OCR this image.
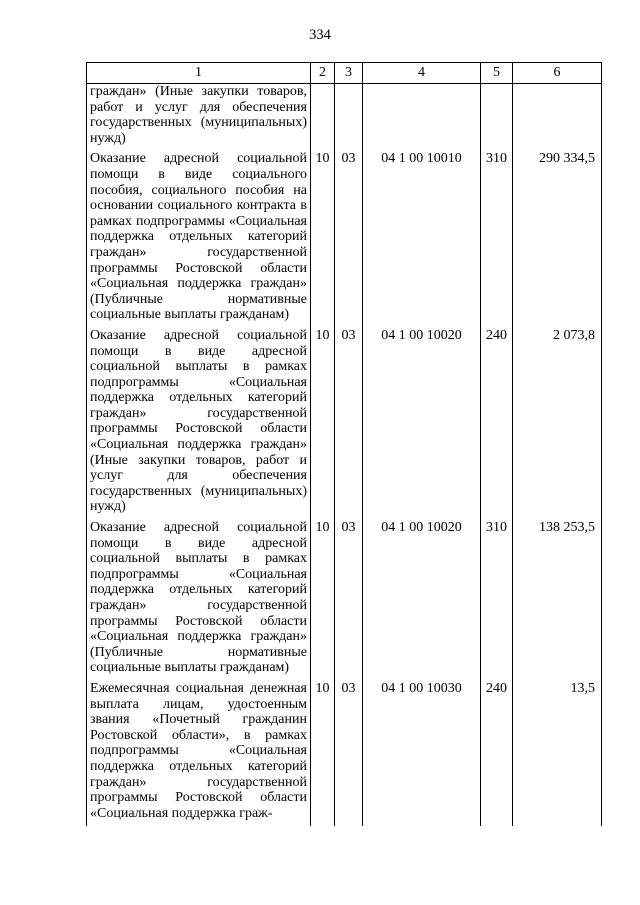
334
1	2	3	4	5	6
граждан» (Иные закупки товаров, работ и услуг для обеспечения государственных (муниципальных) нужд)					
Оказание адресной социальной помощи в виде социального пособия, социального пособия на основании социального контракта в рамках подпрограммы «Социальная поддержка отдельных категорий граждан» государственной программы Ростовской области «Социальная поддержка граждан» (Публичные нормативные социальные выплаты гражданам)	10	03	04 1 00 10010	310	290 334,5
Оказание адресной социальной помощи в виде адресной социальной выплаты в рамках подпрограммы «Социальная поддержка отдельных категорий граждан» государственной программы Ростовской области «Социальная поддержка граждан» (Иные закупки товаров, работ и услуг для обеспечения государственных (муниципальных) нужд)	10	03	04 1 00 10020	240	2 073,8
Оказание адресной социальной помощи в виде адресной социальной выплаты в рамках подпрограммы «Социальная поддержка отдельных категорий граждан» государственной программы Ростовской области «Социальная поддержка граждан» (Публичные нормативные социальные выплаты гражданам)	10	03	04 1 00 10020	310	138 253,5
Ежемесячная социальная денежная выплата лицам, удостоенным звания «Почетный гражданин Ростовской области», в рамках подпрограммы «Социальная поддержка отдельных категорий граждан» государственной программы Ростовской области «Социальная поддержка граж-	10	03	04 1 00 10030	240	13,5
